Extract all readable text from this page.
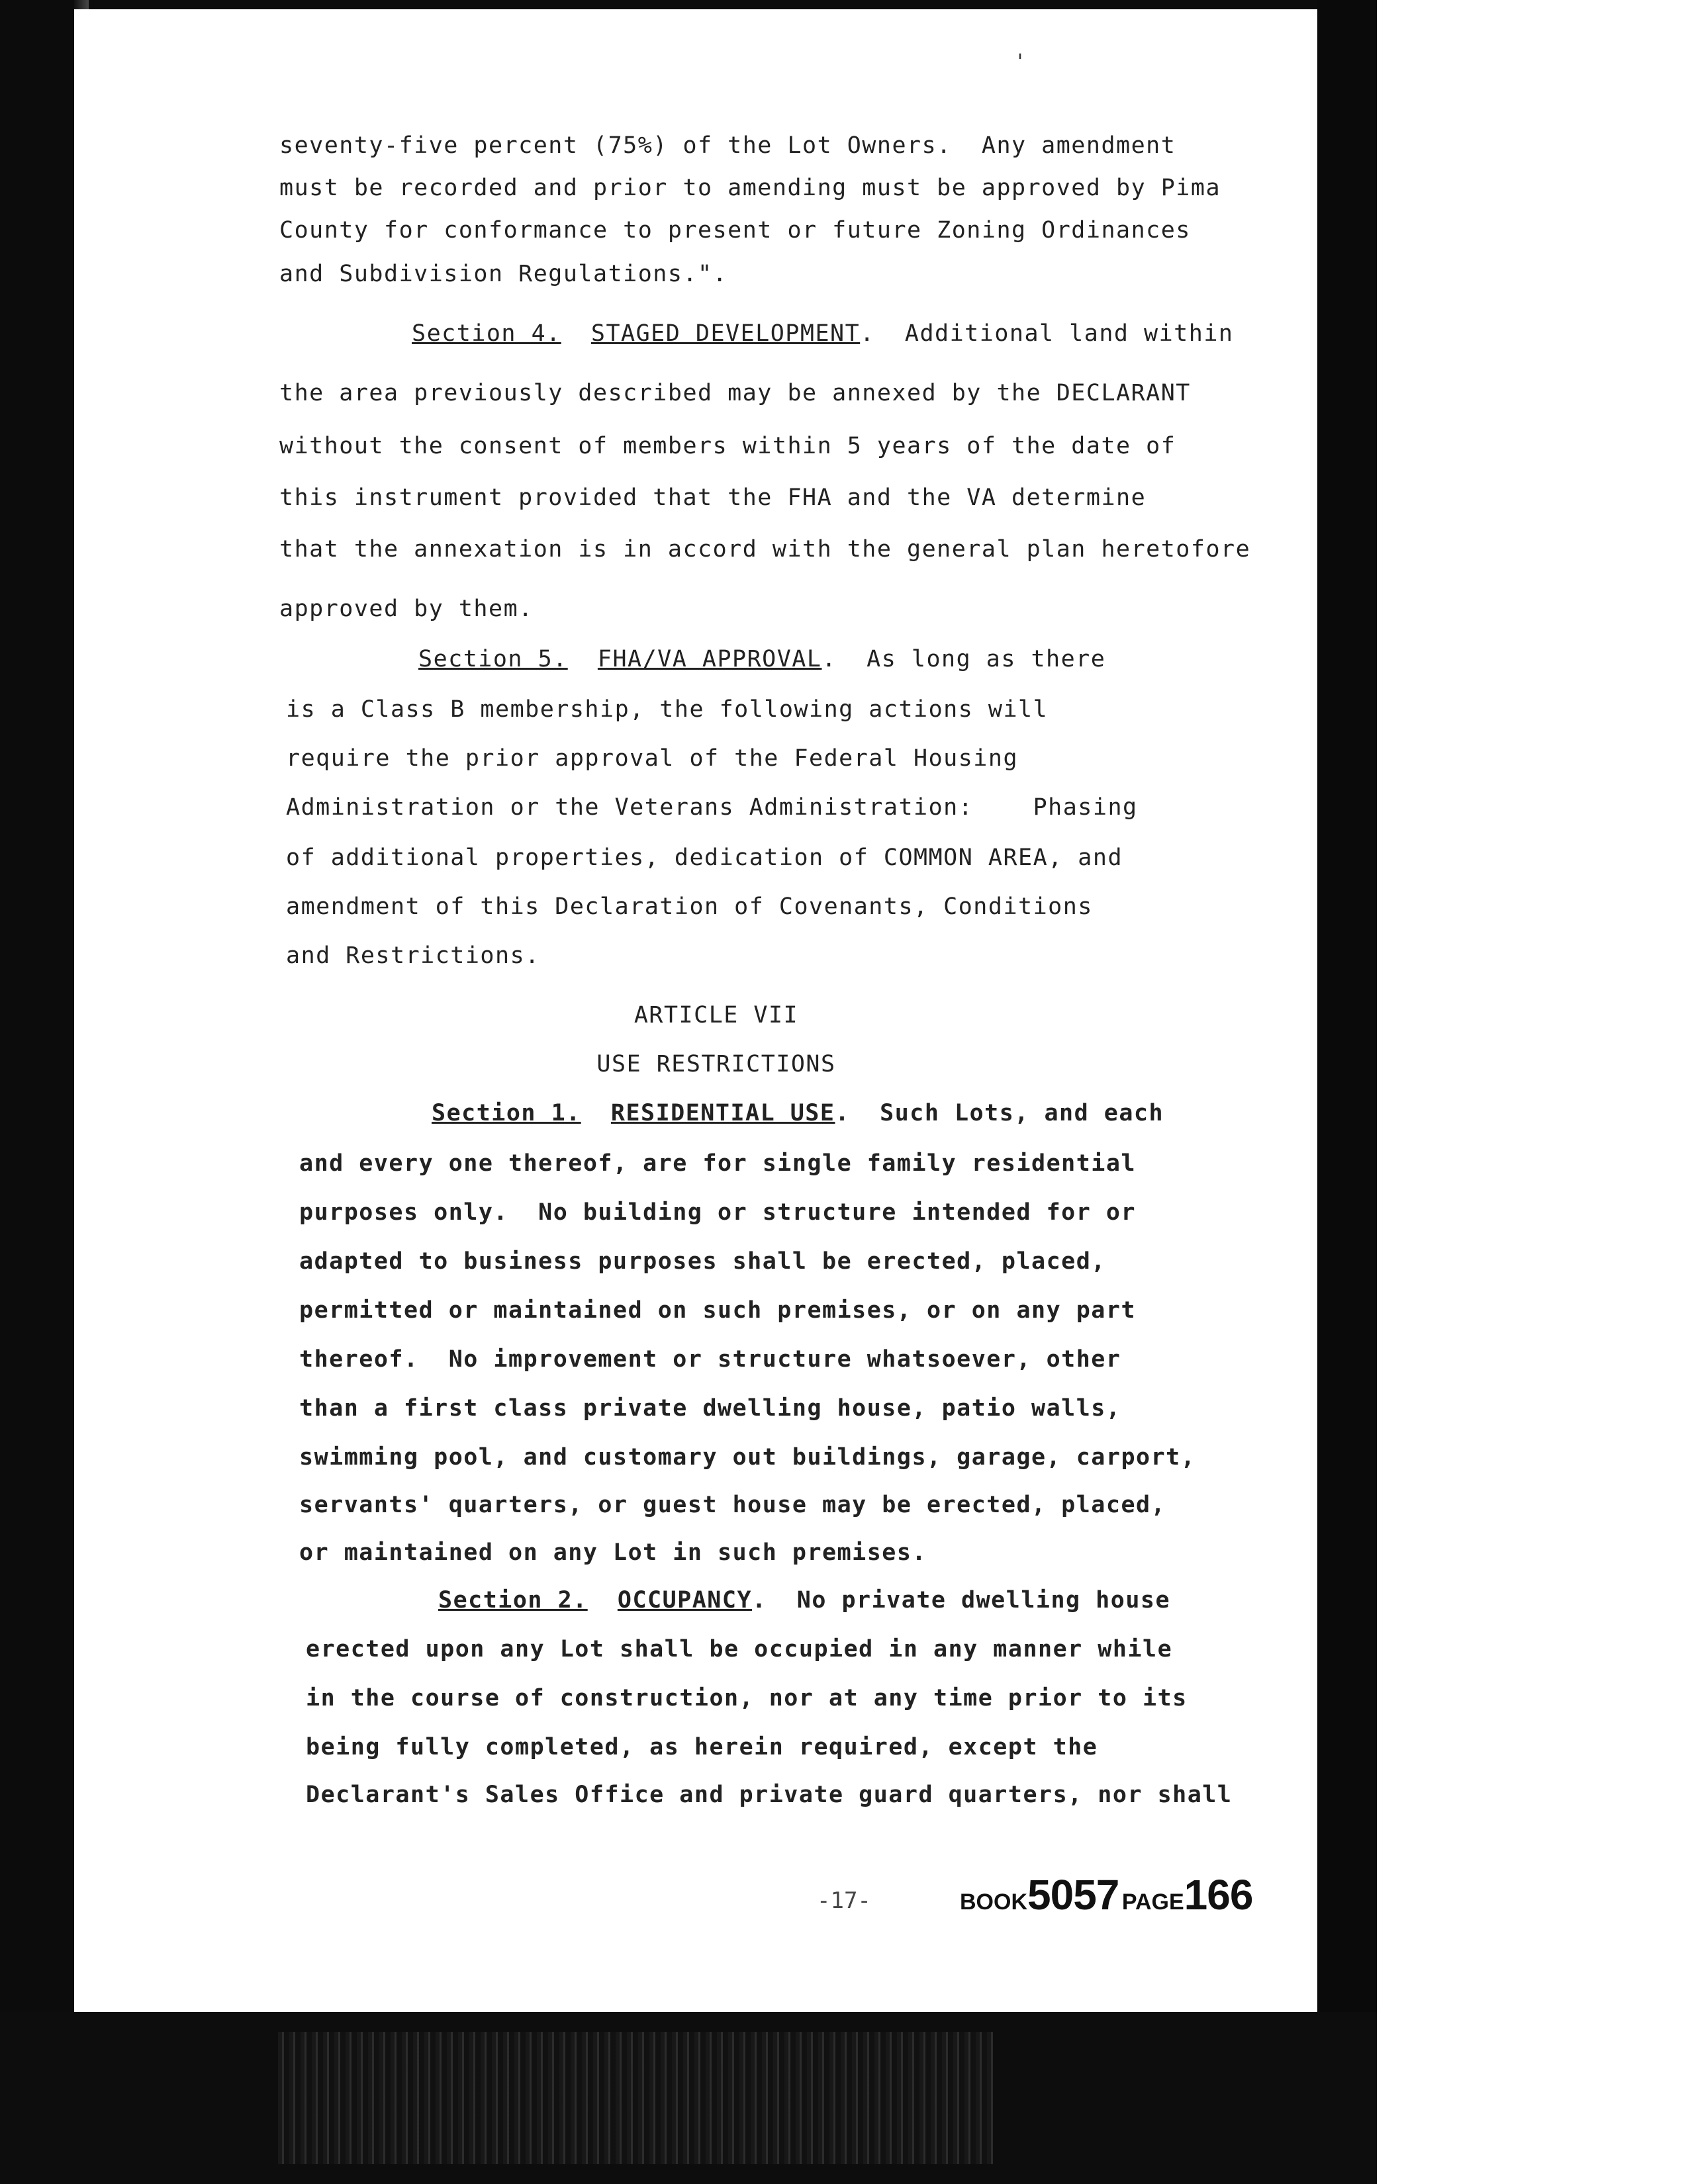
'
seventy-five percent (75%) of the Lot Owners.  Any amendment
must be recorded and prior to amending must be approved by Pima
County for conformance to present or future Zoning Ordinances
and Subdivision Regulations.".
Section 4. STAGED DEVELOPMENT.  Additional land within
the area previously described may be annexed by the DECLARANT
without the consent of members within 5 years of the date of
this instrument provided that the FHA and the VA determine
that the annexation is in accord with the general plan heretofore
approved by them.
Section 5. FHA/VA APPROVAL.  As long as there
is a Class B membership, the following actions will
require the prior approval of the Federal Housing
Administration or the Veterans Administration:    Phasing
of additional properties, dedication of COMMON AREA, and
amendment of this Declaration of Covenants, Conditions
and Restrictions.
ARTICLE VII
USE RESTRICTIONS
Section 1. RESIDENTIAL USE.  Such Lots, and each
and every one thereof, are for single family residential
purposes only.  No building or structure intended for or
adapted to business purposes shall be erected, placed,
permitted or maintained on such premises, or on any part
thereof.  No improvement or structure whatsoever, other
than a first class private dwelling house, patio walls,
swimming pool, and customary out buildings, garage, carport,
servants' quarters, or guest house may be erected, placed,
or maintained on any Lot in such premises.
Section 2. OCCUPANCY.  No private dwelling house
erected upon any Lot shall be occupied in any manner while
in the course of construction, nor at any time prior to its
being fully completed, as herein required, except the
Declarant's Sales Office and private guard quarters, nor shall
-17-	BOOK5057 PAGE166
